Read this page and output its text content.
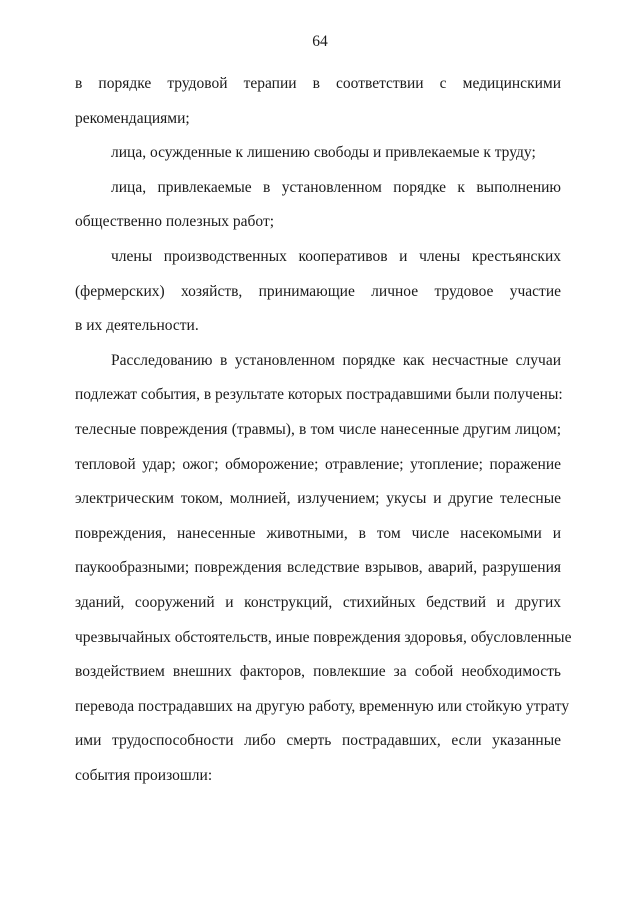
64
в порядке трудовой терапии в соответствии с медицинскими
рекомендациями;
лица, осужденные к лишению свободы и привлекаемые к труду;
лица, привлекаемые в установленном порядке к выполнению
общественно полезных работ;
члены производственных кооперативов и члены крестьянских
(фермерских) хозяйств, принимающие личное трудовое участие
в их деятельности.
Расследованию в установленном порядке как несчастные случаи
подлежат события, в результате которых пострадавшими были получены:
телесные повреждения (травмы), в том числе нанесенные другим лицом;
тепловой удар; ожог; обморожение; отравление; утопление; поражение
электрическим током, молнией, излучением; укусы и другие телесные
повреждения, нанесенные животными, в том числе насекомыми и
паукообразными; повреждения вследствие взрывов, аварий, разрушения
зданий, сооружений и конструкций, стихийных бедствий и других
чрезвычайных обстоятельств, иные повреждения здоровья, обусловленные
воздействием внешних факторов, повлекшие за собой необходимость
перевода пострадавших на другую работу, временную или стойкую утрату
ими трудоспособности либо смерть пострадавших, если указанные
события произошли:
